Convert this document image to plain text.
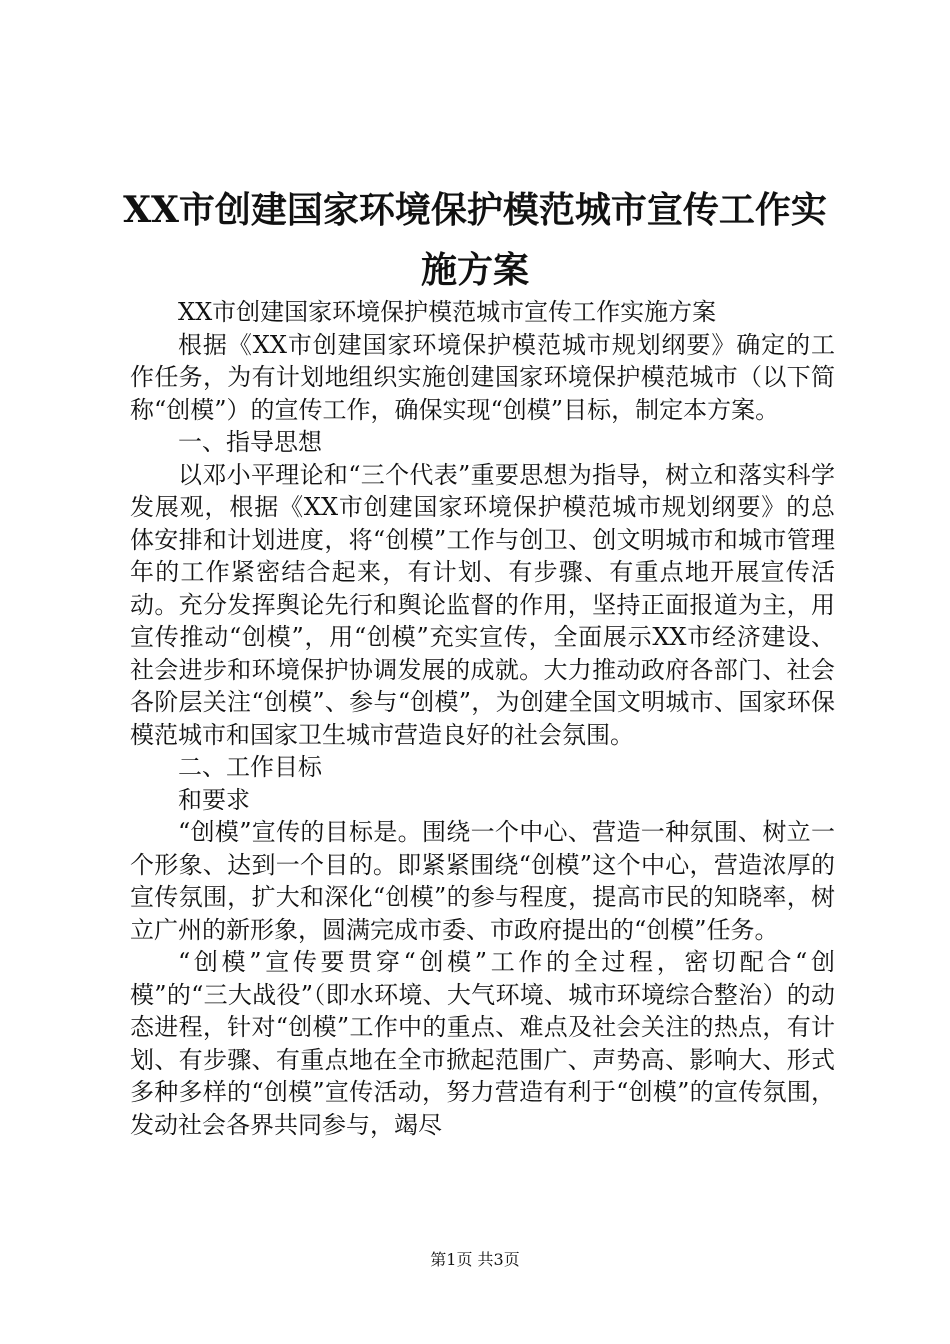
XX市创建国家环境保护模范城市宣传工作实
施方案

XX市创建国家环境保护模范城市宣传工作实施方案

根据《XX市创建国家环境保护模范城市规划纲要》确定的工作任务，为有计划地组织实施创建国家环境保护模范城市（以下简称“创模”）的宣传工作，确保实现“创模”目标，制定本方案。

一、指导思想

以邓小平理论和“三个代表”重要思想为指导，树立和落实科学发展观，根据《XX市创建国家环境保护模范城市规划纲要》的总体安排和计划进度，将“创模”工作与创卫、创文明城市和城市管理年的工作紧密结合起来，有计划、有步骤、有重点地开展宣传活动。充分发挥舆论先行和舆论监督的作用，坚持正面报道为主，用宣传推动“创模”，用“创模”充实宣传，全面展示XX市经济建设、社会进步和环境保护协调发展的成就。大力推动政府各部门、社会各阶层关注“创模”、参与“创模”，为创建全国文明城市、国家环保模范城市和国家卫生城市营造良好的社会氛围。

二、工作目标

和要求

“创模”宣传的目标是。围绕一个中心、营造一种氛围、树立一个形象、达到一个目的。即紧紧围绕“创模”这个中心，营造浓厚的宣传氛围，扩大和深化“创模”的参与程度，提高市民的知晓率，树立广州的新形象，圆满完成市委、市政府提出的“创模”任务。

“创模”宣传要贯穿“创模”工作的全过程，密切配合“创模”的“三大战役”（即水环境、大气环境、城市环境综合整治）的动态进程，针对“创模”工作中的重点、难点及社会关注的热点，有计划、有步骤、有重点地在全市掀起范围广、声势高、影响大、形式多种多样的“创模”宣传活动，努力营造有利于“创模”的宣传氛围，发动社会各界共同参与，竭尽

第1页 共3页
